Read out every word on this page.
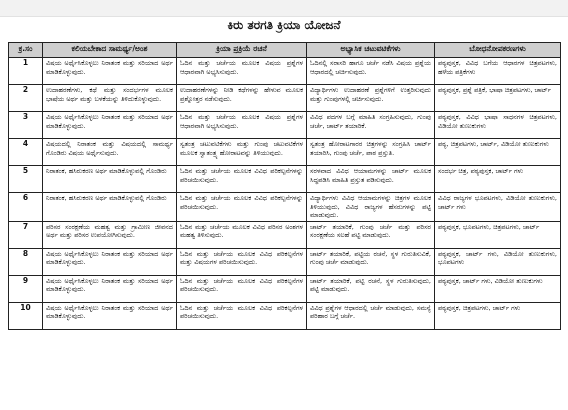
ಕಿರು ತರಗತಿ ಕ್ರಿಯಾ ಯೋಜನೆ
ಕ್ರ.ಸಂ	ಕಲಿಯಬೇಕಾದ ಸಾಮರ್ಥ್ಯ/ಅಂಶ	ಕ್ರಿಯಾ ಪ್ರಕ್ರಿಯೆ ರಚನೆ	ಅಭ್ಯಾಸಿಕ ಚಟುವಟಿಕೆಗಳು	ಬೋಧನೋಪಕರಣಗಳು
1	ವಿಷಯ ಅರ್ಥೈಸಿಕೊಳ್ಳಲು ನಿರಾತಂಕ ಮತ್ತು ಸರಿಯಾದ ಅರ್ಥ ಮಾಡಿಕೊಳ್ಳುವುದು.	ಓದಿನ ಮತ್ತು ಚರ್ಚೆಯ ಮೂಲಕ ವಿಷಯ ಪ್ರಶ್ನೆಗಳ ಆಧಾರವಾಗಿ ಅಭ್ಯಸಿಸುವುದು.	ಓದಿನಲ್ಲಿ ಸರಾಸರಿ ಹಾಗೂ ಚರ್ಚೆ ನಡೆಸಿ ವಿಷಯ ಪ್ರಶ್ನೆಯ ಆಧಾರದಲ್ಲಿ ಚರ್ಚಿಸುವುದು.	ಪಠ್ಯಪುಸ್ತಕ, ವಿವಿಧ ಬಗೆಯ ಆಧಾರಗಳ ಚಿತ್ರಪಟಗಳು, ಹಳೆಯ ಪತ್ರಿಕೆಗಳು
2	ಉದಾಹರಣೆಗಳು, ಕಥೆ ಮತ್ತು ಸಂದರ್ಭಗಳ ಮೂಲಕ ಭಾಷೆಯ ಅರ್ಥ ಮತ್ತು ಬಳಕೆಯನ್ನು ತಿಳಿದುಕೊಳ್ಳುವುದು.	ಉದಾಹರಣೆಗಳನ್ನು ನೀಡಿ ಕಥೆಗಳನ್ನು ಹೇಳುವ ಮೂಲಕ ಪ್ರಶ್ನೋತ್ತರ ನಡೆಸುವುದು.	ವಿದ್ಯಾರ್ಥಿಗಳು ಉದಾಹರಣೆ ಪ್ರಶ್ನೆಗಳಿಗೆ ಉತ್ತರಿಸುವುದು ಮತ್ತು ಗುಂಪುಗಳಲ್ಲಿ ಚರ್ಚಿಸುವುದು.	ಪಠ್ಯಪುಸ್ತಕ, ಪ್ರಶ್ನೆ ಪತ್ರಿಕೆ, ಭಾಷಾ ಚಿತ್ರಪಟಗಳು, ಚಾರ್ಟ್
3	ವಿಷಯ ಅರ್ಥೈಸಿಕೊಳ್ಳಲು ನಿರಾತಂಕ ಮತ್ತು ಸರಿಯಾದ ಅರ್ಥ ಮಾಡಿಕೊಳ್ಳುವುದು.	ಓದಿನ ಮತ್ತು ಚರ್ಚೆಯ ಮೂಲಕ ವಿಷಯ ಪ್ರಶ್ನೆಗಳ ಆಧಾರವಾಗಿ ಅಭ್ಯಸಿಸುವುದು.	ವಿವಿಧ ಪದಗಳ ಬಗ್ಗೆ ಮಾಹಿತಿ ಸಂಗ್ರಹಿಸುವುದು, ಗುಂಪು ಚರ್ಚೆ, ಚಾರ್ಟ್ ತಯಾರಿಕೆ.	ಪಠ್ಯಪುಸ್ತಕ, ವಿವಿಧ ಭಾಷಾ ಸಾಧನಗಳ ಚಿತ್ರಪಟಗಳು, ವಿಡಿಯೋ ತುಣುಕುಗಳು
4	ವಿಷಯದಲ್ಲಿ ನಿರಾತಂಕ ಮತ್ತು ವಿಷಯದಲ್ಲಿ ಸಾಮರ್ಥ್ಯ ಗೊಂಡಿರು ವಿಷಯ ಅರ್ಥೈಸುವುದು.	ಸ್ವತಂತ್ರ ಚಟುವಟಿಕೆಗಳು ಮತ್ತು ಗುಂಪು ಚಟುವಟಿಕೆಗಳ ಮೂಲಕ ಸ್ವಾತಂತ್ರ್ಯ ಹೋರಾಟವನ್ನು ತಿಳಿಯುವುದು.	ಸ್ವತಂತ್ರ ಹೋರಾಟಗಾರರ ಚಿತ್ರಗಳನ್ನು ಸಂಗ್ರಹಿಸಿ ಚಾರ್ಟ್ ತಯಾರಿಸಿ, ಗುಂಪು ಚರ್ಚೆ, ಪಾಠ ಪ್ರಸ್ತುತಿ.	ಪಠ್ಯ, ಚಿತ್ರಪಟಗಳು, ಚಾರ್ಟ್, ವಿಡಿಯೋ ತುಣುಕುಗಳು
5	ನಿರಾತಂಕ, ಹಸಿರುಕರಣ ಅರ್ಥ ಮಾಡಿಕೊಳ್ಳುವಲ್ಲಿ ಗೊಂಡಿರು	ಓದಿನ ಮತ್ತು ಚರ್ಚೆಯ ಮೂಲಕ ವಿವಿಧ ಪರಿಕಲ್ಪನೆಗಳನ್ನು ಪರಿಚಯಿಸುವುದು.	ಸರಳವಾದ ವಿವಿಧ ಆಯಾಮಗಳನ್ನು ಚಾರ್ಟ್ ಮೂಲಕ ಸಿದ್ಧಪಡಿಸಿ ಮಾಹಿತಿ ಪ್ರಸ್ತುತ ಪಡಿಸುವುದು.	ಸಂದರ್ಭ ಚಿತ್ರ, ಪಠ್ಯಪುಸ್ತಕ, ಚಾರ್ಟ್ ಗಳು
6	ನಿರಾತಂಕ, ಹಸಿರುಕರಣ ಅರ್ಥ ಮಾಡಿಕೊಳ್ಳುವಲ್ಲಿ ಗೊಂಡಿರು	ಓದಿನ ಮತ್ತು ಚರ್ಚೆಯ ಮೂಲಕ ವಿವಿಧ ಪರಿಕಲ್ಪನೆಗಳನ್ನು ಪರಿಚಯಿಸುವುದು.	ವಿದ್ಯಾರ್ಥಿಗಳು ವಿವಿಧ ಆಯಾಮಗಳನ್ನು ಚಿತ್ರಗಳ ಮೂಲಕ ತಿಳಿಯುವುದು, ವಿವಿಧ ರಾಜ್ಯಗಳ ಹೆಸರುಗಳನ್ನು ಪಟ್ಟಿ ಮಾಡುವುದು.	ವಿವಿಧ ರಾಜ್ಯಗಳ ಭೂಪಟಗಳು, ವಿಡಿಯೋ ತುಣುಕುಗಳು, ಚಾರ್ಟ್ ಗಳು
7	ಪರಿಸರ ಸಂರಕ್ಷಣೆಯ ಮಹತ್ವ ಮತ್ತು ಗ್ರಾಮೀಣ ಜೀವನದ ಅರ್ಥ ಮತ್ತು ಪರಿಸರ ಉಪಯೋಗಿಸುವುದು.	ಓದಿನ ಮತ್ತು ಚರ್ಚೆಯ ಮೂಲಕ ವಿವಿಧ ಪರಿಸರ ಅಂಶಗಳ ಮಹತ್ವ ತಿಳಿಸುವುದು.	ಚಾರ್ಟ್ ತಯಾರಿಕೆ, ಗುಂಪು ಚರ್ಚೆ ಮತ್ತು ಪರಿಸರ ಸಂರಕ್ಷಣೆಯ ಸಲಹೆ ಪಟ್ಟಿ ಮಾಡುವುದು.	ಪಠ್ಯಪುಸ್ತಕ, ಭೂಪಟಗಳು, ಚಿತ್ರಪಟಗಳು, ಚಾರ್ಟ್
8	ವಿಷಯ ಅರ್ಥೈಸಿಕೊಳ್ಳಲು ನಿರಾತಂಕ ಮತ್ತು ಸರಿಯಾದ ಅರ್ಥ ಮಾಡಿಕೊಳ್ಳುವುದು.	ಓದಿನ ಮತ್ತು ಚರ್ಚೆಯ ಮೂಲಕ ವಿವಿಧ ಪರಿಕಲ್ಪನೆಗಳ ಮತ್ತು ವಿಷಯಗಳ ಪರಿಚಯಿಸುವುದು.	ಚಾರ್ಟ್ ತಯಾರಿಕೆ, ಪಟ್ಟಿಯ ರಚನೆ, ಸ್ಥಳ ಗುರುತಿಸುವಿಕೆ, ಗುಂಪು ಚರ್ಚೆ ಮಾಡುವುದು.	ಪಠ್ಯಪುಸ್ತಕ, ಚಾರ್ಟ್ ಗಳು, ವಿಡಿಯೋ ತುಣುಕುಗಳು, ಭೂಪಟಗಳು
9	ವಿಷಯ ಅರ್ಥೈಸಿಕೊಳ್ಳಲು ನಿರಾತಂಕ ಮತ್ತು ಸರಿಯಾದ ಅರ್ಥ ಮಾಡಿಕೊಳ್ಳುವುದು.	ಓದಿನ ಮತ್ತು ಚರ್ಚೆಯ ಮೂಲಕ ವಿವಿಧ ಪರಿಕಲ್ಪನೆಗಳ ಪರಿಚಯಿಸುವುದು.	ಚಾರ್ಟ್ ತಯಾರಿಕೆ, ಪಟ್ಟಿ ರಚನೆ, ಸ್ಥಳ ಗುರುತಿಸುವುದು, ಪಟ್ಟಿ ಮಾಡುವುದು.	ಪಠ್ಯಪುಸ್ತಕ, ಚಾರ್ಟ್ ಗಳು, ವಿಡಿಯೋ ತುಣುಕುಗಳು
10	ವಿಷಯ ಅರ್ಥೈಸಿಕೊಳ್ಳಲು ನಿರಾತಂಕ ಮತ್ತು ಸರಿಯಾದ ಅರ್ಥ ಮಾಡಿಕೊಳ್ಳುವುದು.	ಓದಿನ ಮತ್ತು ಚರ್ಚೆಯ ಮೂಲಕ ವಿವಿಧ ಪರಿಕಲ್ಪನೆಗಳ ಪರಿಚಯಿಸುವುದು.	ವಿವಿಧ ಪ್ರಶ್ನೆಗಳ ಆಧಾರದಲ್ಲಿ ಚರ್ಚೆ ಮಾಡುವುದು, ಸಮಸ್ಯೆ ಪರಿಹಾರ ಬಗ್ಗೆ ಚರ್ಚೆ.	ಪಠ್ಯಪುಸ್ತಕ, ಚಿತ್ರಪಟಗಳು, ಚಾರ್ಟ್ ಗಳು
